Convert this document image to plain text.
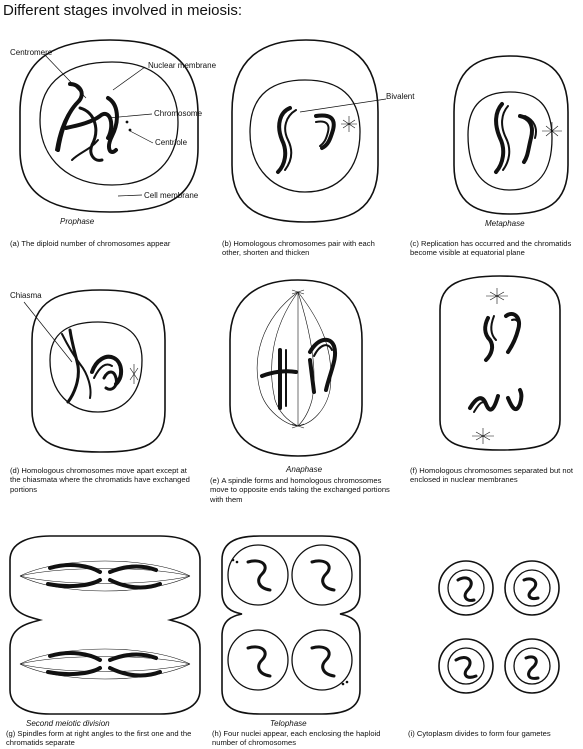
Different stages involved in meiosis:
Centromere
Nuclear membrane
Chromosome
Centriole
Cell membrane
Prophase
Bivalent
Metaphase
Chiasma
Anaphase
Second meiotic division	Telophase
(a) The diploid number of chromosomes appear	(b) Homologous chromosomes pair with each other, shorten and thicken
(c) Replication has occurred and the chromatids become visible at equatorial plane
(d) Homologous chromosomes move apart except at the chiasmata where the chromatids have exchanged portions
(e) A spindle forms and homologous chromosomes move to opposite ends taking the exchanged portions with them
(f) Homologous chromosomes separated but not enclosed in nuclear membranes
(g) Spindles form at right angles to the first one and the chromatids separate
(h) Four nuclei appear, each enclosing the haploid number of chromosomes
(i) Cytoplasm divides to form four gametes
